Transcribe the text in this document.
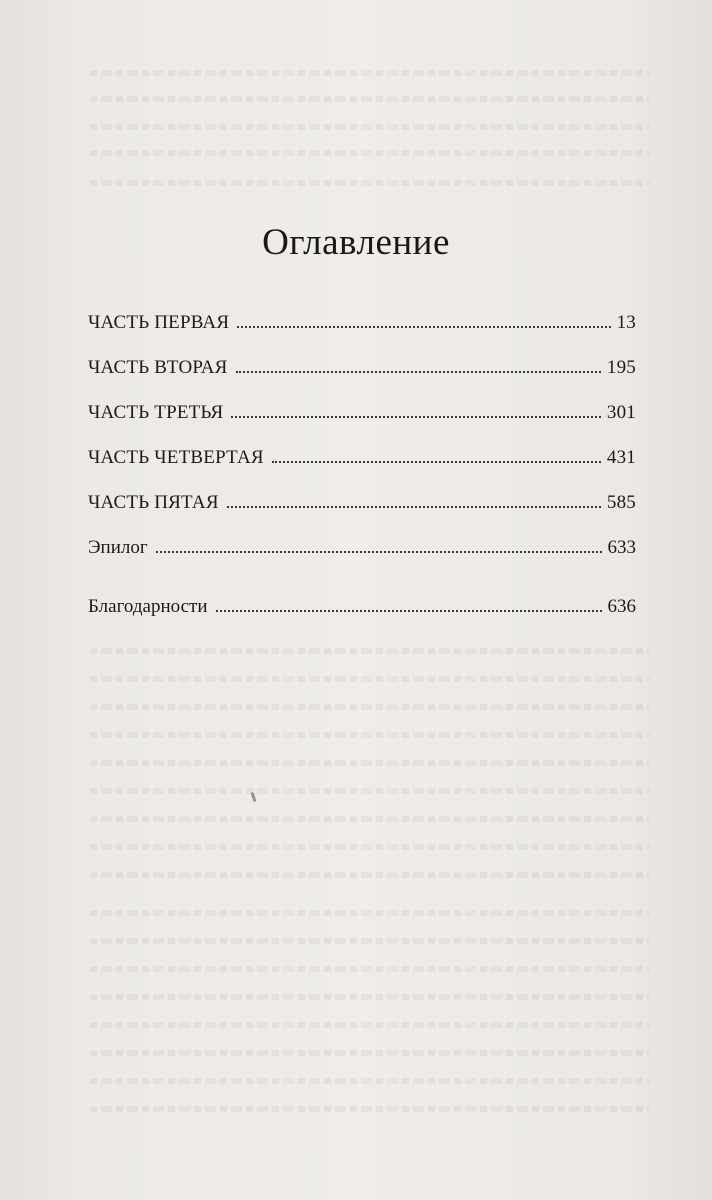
Оглавление
ЧАСТЬ ПЕРВАЯ	13
ЧАСТЬ ВТОРАЯ	195
ЧАСТЬ ТРЕТЬЯ	301
ЧАСТЬ ЧЕТВЕРТАЯ	431
ЧАСТЬ ПЯТАЯ	585
Эпилог	633
Благодарности	636
